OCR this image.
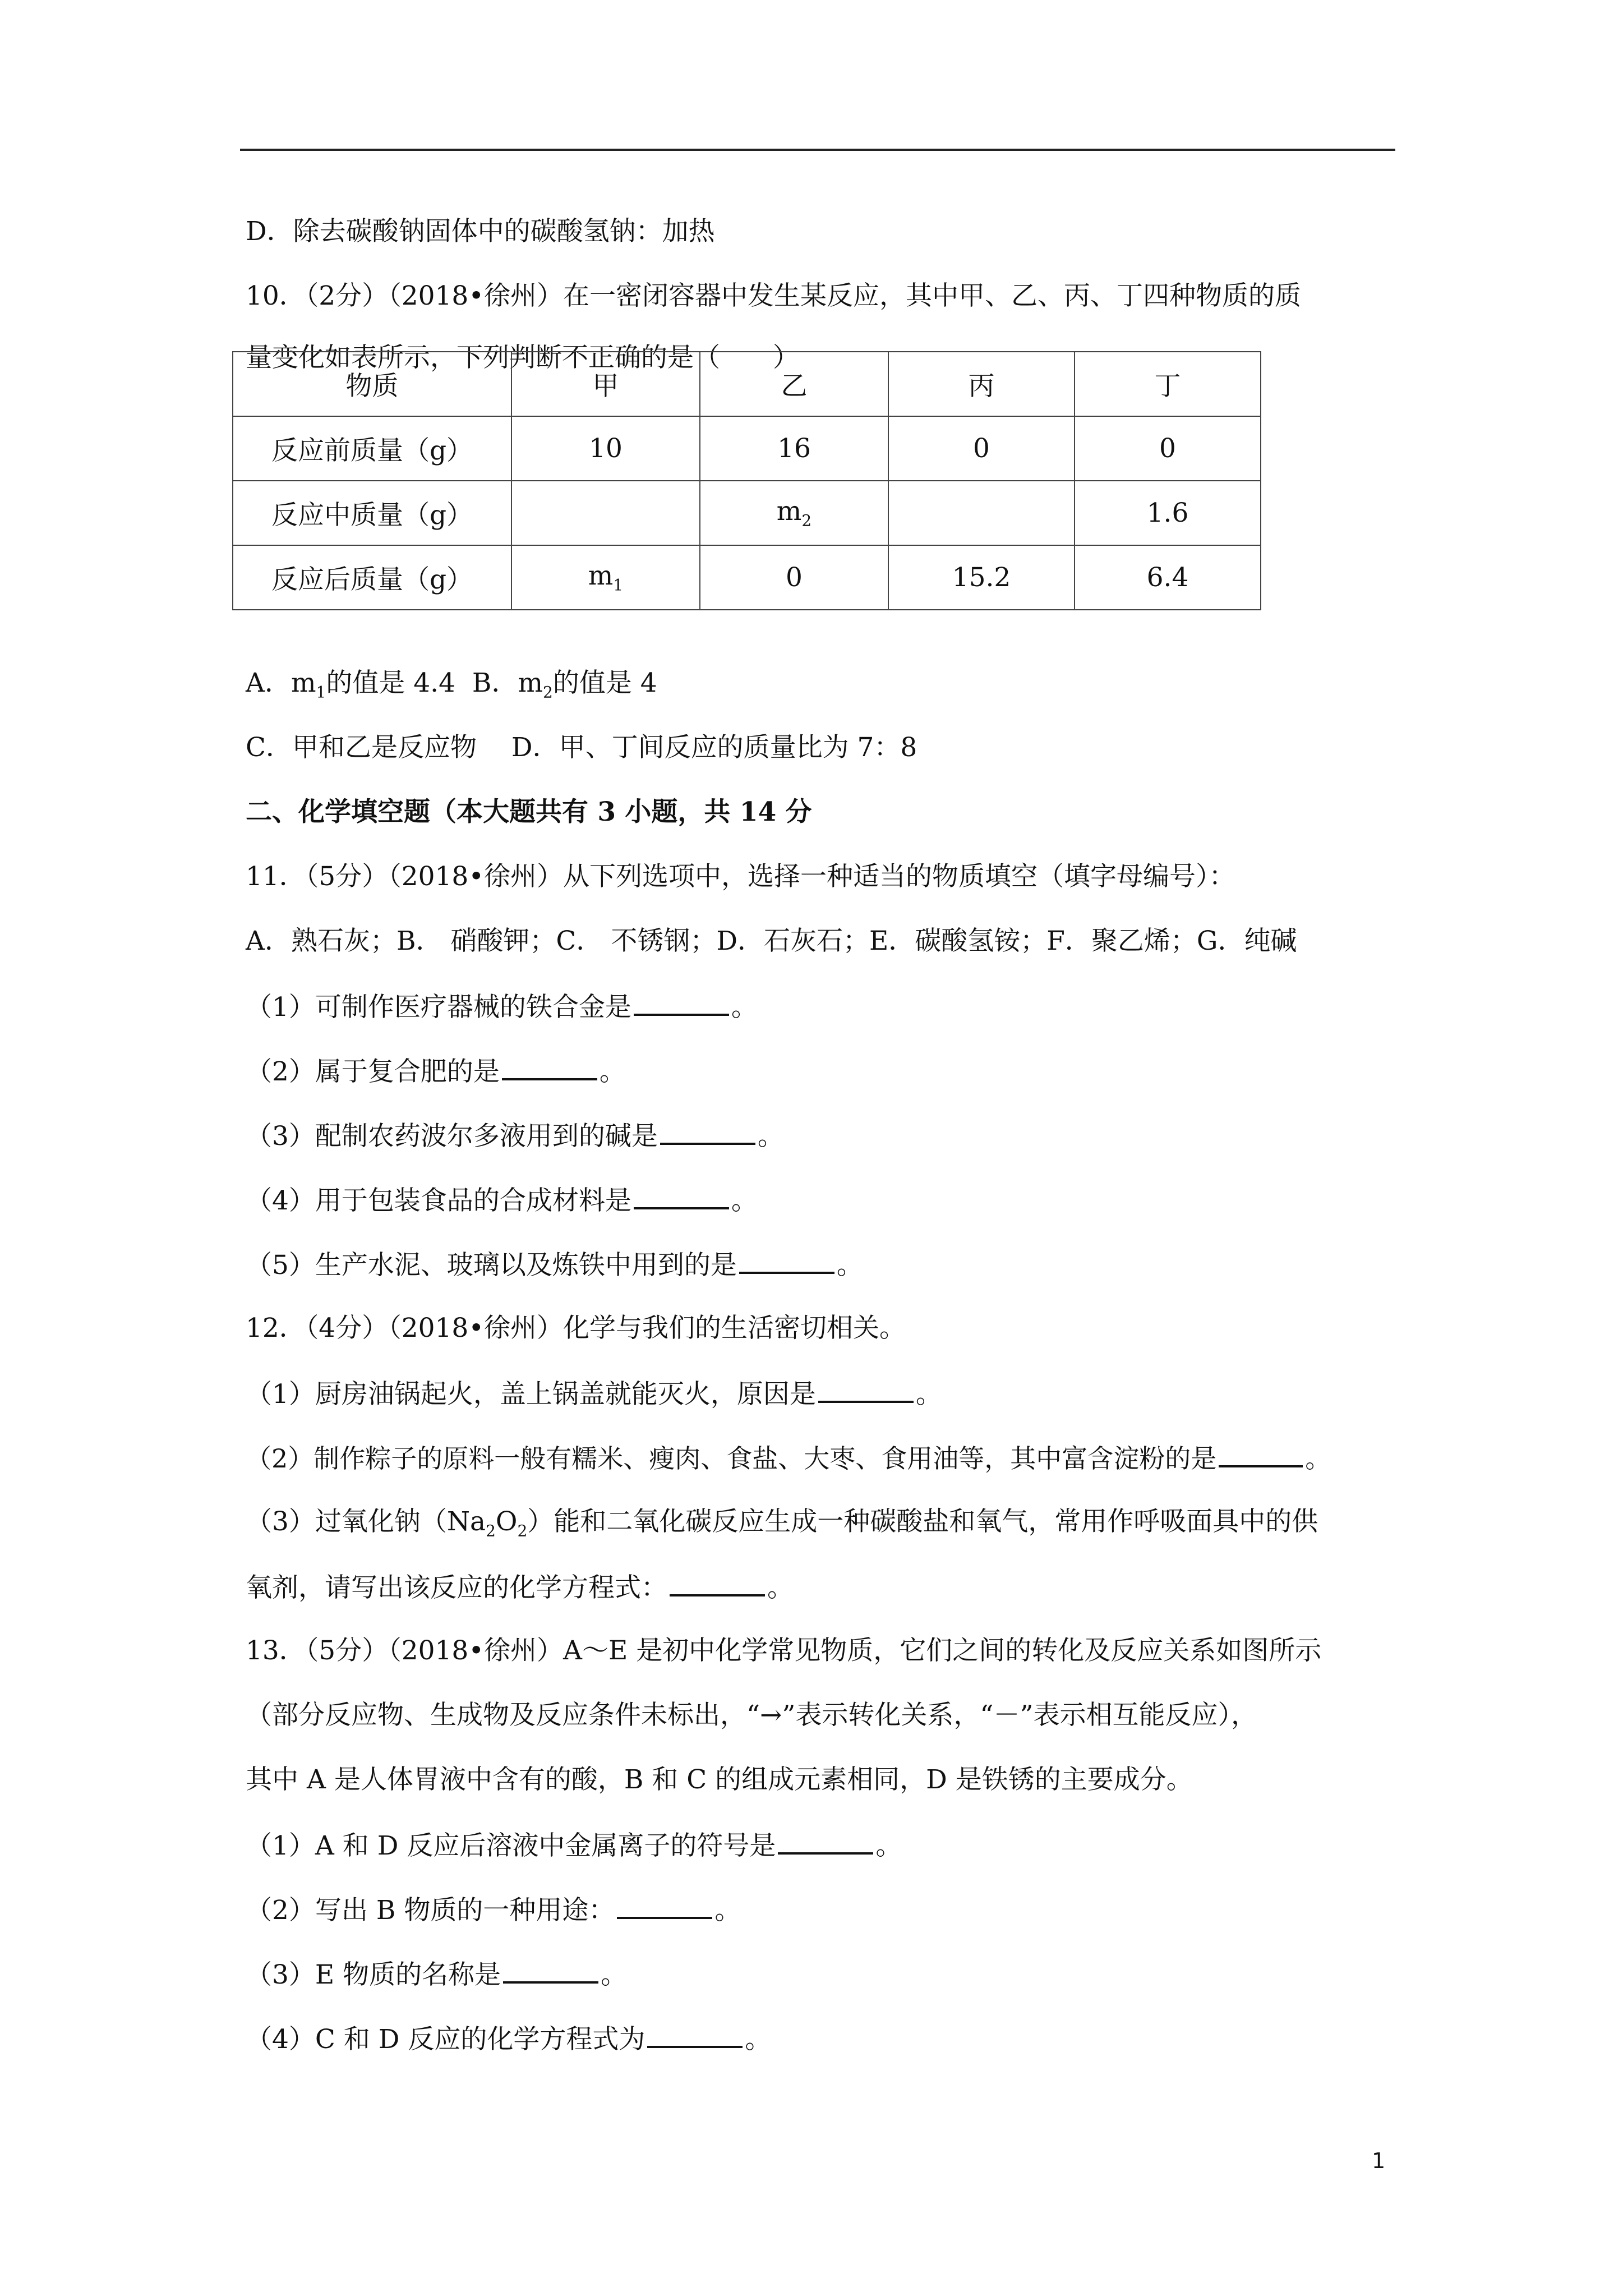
D．除去碳酸钠固体中的碳酸氢钠：加热
10．（2分）（2018•徐州）在一密闭容器中发生某反应，其中甲、乙、丙、丁四种物质的质
量变化如表所示，下列判断不正确的是（　　）
物质	甲	乙	丙	丁
反应前质量（g）	10	16	0	0
反应中质量（g）		$m_2$		1.6
反应后质量（g）	$m_1$	0	15.2	6.4
A．$m_1$的值是 4.4 B．$m_2$的值是 4
C．甲和乙是反应物　 D．甲、丁间反应的质量比为 7：8
二、化学填空题（本大题共有 3 小题，共 14 分
11．（5分）（2018•徐州）从下列选项中，选择一种适当的物质填空（填字母编号）：
A．熟石灰；B． 硝酸钾；C． 不锈钢；D．石灰石；E．碳酸氢铵；F．聚乙烯；G．纯碱
（1）可制作医疗器械的铁合金是	。
（2）属于复合肥的是	。
（3）配制农药波尔多液用到的碱是	。
（4）用于包装食品的合成材料是	。
（5）生产水泥、玻璃以及炼铁中用到的是	。
12．（4分）（2018•徐州）化学与我们的生活密切相关。
（1）厨房油锅起火，盖上锅盖就能灭火，原因是	。
（2）制作粽子的原料一般有糯米、瘦肉、食盐、大枣、食用油等，其中富含淀粉的是	。
（3）过氧化钠$(Na_2O_2)$能和二氧化碳反应生成一种碳酸盐和氧气，常用作呼吸面具中的供
氧剂，请写出该反应的化学方程式：	。
13．（5分）（2018•徐州）A～E 是初中化学常见物质，它们之间的转化及反应关系如图所示
（部分反应物、生成物及反应条件未标出，“→”表示转化关系，“－”表示相互能反应），
其中 A 是人体胃液中含有的酸，B 和 C 的组成元素相同，D 是铁锈的主要成分。
（1）A 和 D 反应后溶液中金属离子的符号是	。
（2）写出 B 物质的一种用途：	。
（3）E 物质的名称是	。
（4）C 和 D 反应的化学方程式为	。
1
